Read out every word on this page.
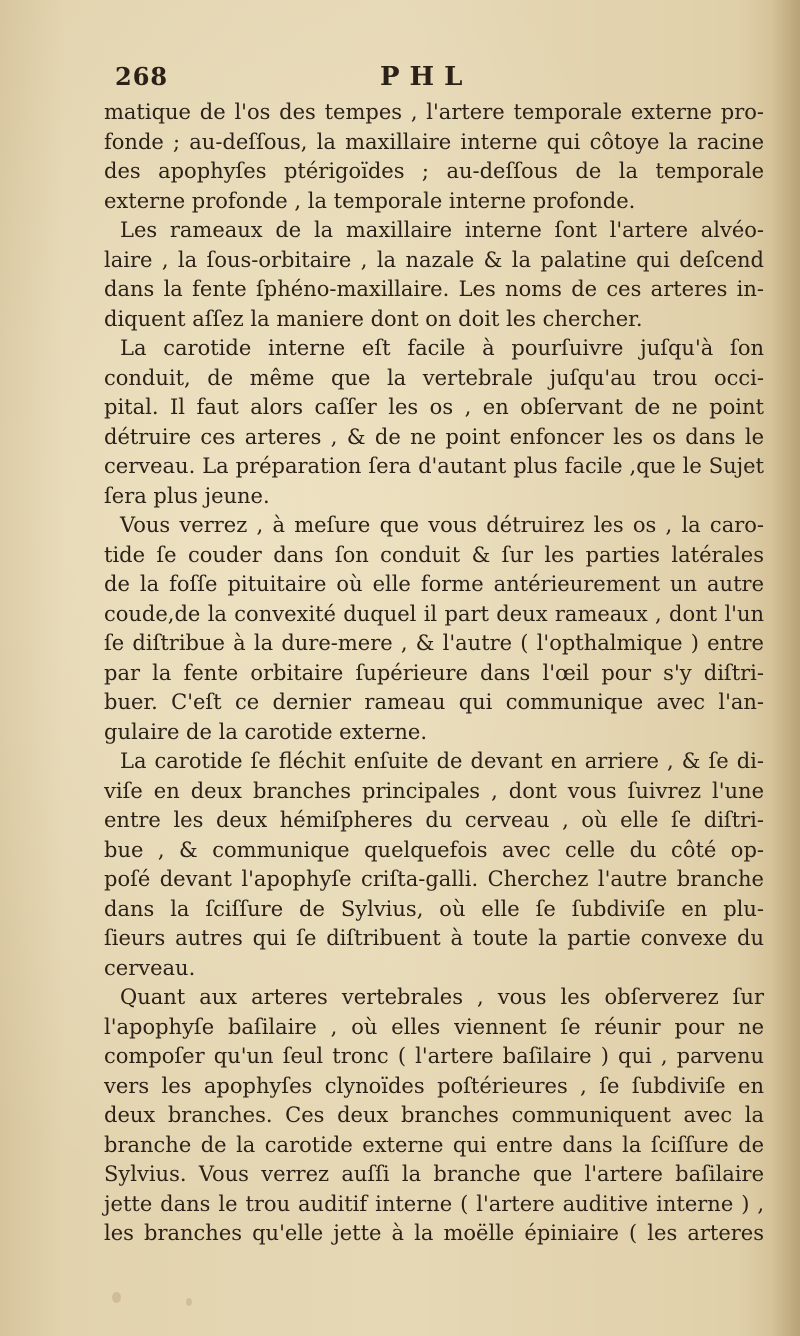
268	PHL
matique de l'os des tempes , l'artere temporale externe pro-
fonde ; au-deſſous, la maxillaire interne qui côtoye la racine
des apophyſes ptérigoïdes ; au-deſſous de la temporale
externe profonde , la temporale interne profonde.
Les rameaux de la maxillaire interne ſont l'artere alvéo-
laire , la ſous-orbitaire , la nazale & la palatine qui deſcend
dans la fente ſphéno-maxillaire. Les noms de ces arteres in-
diquent aſſez la maniere dont on doit les chercher.
La carotide interne eſt facile à pourſuivre juſqu'à ſon
conduit, de même que la vertebrale juſqu'au trou occi-
pital. Il faut alors caſſer les os , en obſervant de ne point
détruire ces arteres , & de ne point enfoncer les os dans le
cerveau. La préparation ſera d'autant plus facile ,que le Sujet
ſera plus jeune.
Vous verrez , à meſure que vous détruirez les os , la caro-
tide ſe couder dans ſon conduit & ſur les parties latérales
de la foſſe pituitaire où elle forme antérieurement un autre
coude,de la convexité duquel il part deux rameaux , dont l'un
ſe diſtribue à la dure-mere , & l'autre ( l'opthalmique ) entre
par la fente orbitaire ſupérieure dans l'œil pour s'y diſtri-
buer. C'eſt ce dernier rameau qui communique avec l'an-
gulaire de la carotide externe.
La carotide ſe fléchit enſuite de devant en arriere , & ſe di-
viſe en deux branches principales , dont vous ſuivrez l'une
entre les deux hémiſpheres du cerveau , où elle ſe diſtri-
bue , & communique quelquefois avec celle du côté op-
poſé devant l'apophyſe criſta-galli. Cherchez l'autre branche
dans la ſciſſure de Sylvius, où elle ſe ſubdiviſe en plu-
ſieurs autres qui ſe diſtribuent à toute la partie convexe du
cerveau.
Quant aux arteres vertebrales , vous les obſerverez ſur
l'apophyſe baſilaire , où elles viennent ſe réunir pour ne
compoſer qu'un ſeul tronc ( l'artere baſilaire ) qui , parvenu
vers les apophyſes clynoïdes poſtérieures , ſe ſubdiviſe en
deux branches. Ces deux branches communiquent avec la
branche de la carotide externe qui entre dans la ſciſſure de
Sylvius. Vous verrez auſſi la branche que l'artere baſilaire
jette dans le trou auditif interne ( l'artere auditive interne ) ,
les branches qu'elle jette à la moëlle épiniaire ( les arteres
